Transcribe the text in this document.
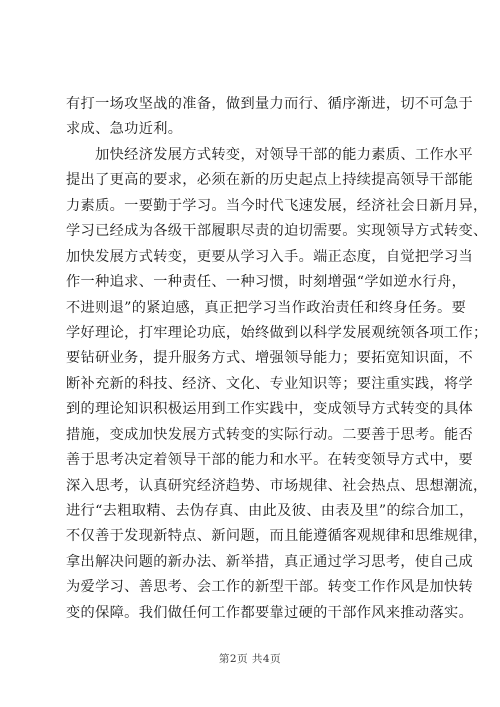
有打一场攻坚战的准备，做到量力而行、循序渐进，切不可急于
求成、急功近利。
　　加快经济发展方式转变，对领导干部的能力素质、工作水平
提出了更高的要求，必须在新的历史起点上持续提高领导干部能
力素质。一要勤于学习。当今时代飞速发展，经济社会日新月异，
学习已经成为各级干部履职尽责的迫切需要。实现领导方式转变、
加快发展方式转变，更要从学习入手。端正态度，自觉把学习当
作一种追求、一种责任、一种习惯，时刻增强“学如逆水行舟，
不进则退”的紧迫感，真正把学习当作政治责任和终身任务。要
学好理论，打牢理论功底，始终做到以科学发展观统领各项工作；
要钻研业务，提升服务方式、增强领导能力；要拓宽知识面，不
断补充新的科技、经济、文化、专业知识等；要注重实践，将学
到的理论知识积极运用到工作实践中，变成领导方式转变的具体
措施，变成加快发展方式转变的实际行动。二要善于思考。能否
善于思考决定着领导干部的能力和水平。在转变领导方式中，要
深入思考，认真研究经济趋势、市场规律、社会热点、思想潮流，
进行“去粗取精、去伪存真、由此及彼、由表及里”的综合加工，
不仅善于发现新特点、新问题，而且能遵循客观规律和思维规律，
拿出解决问题的新办法、新举措，真正通过学习思考，使自己成
为爱学习、善思考、会工作的新型干部。转变工作作风是加快转
变的保障。我们做任何工作都要靠过硬的干部作风来推动落实。
第2页 共4页
